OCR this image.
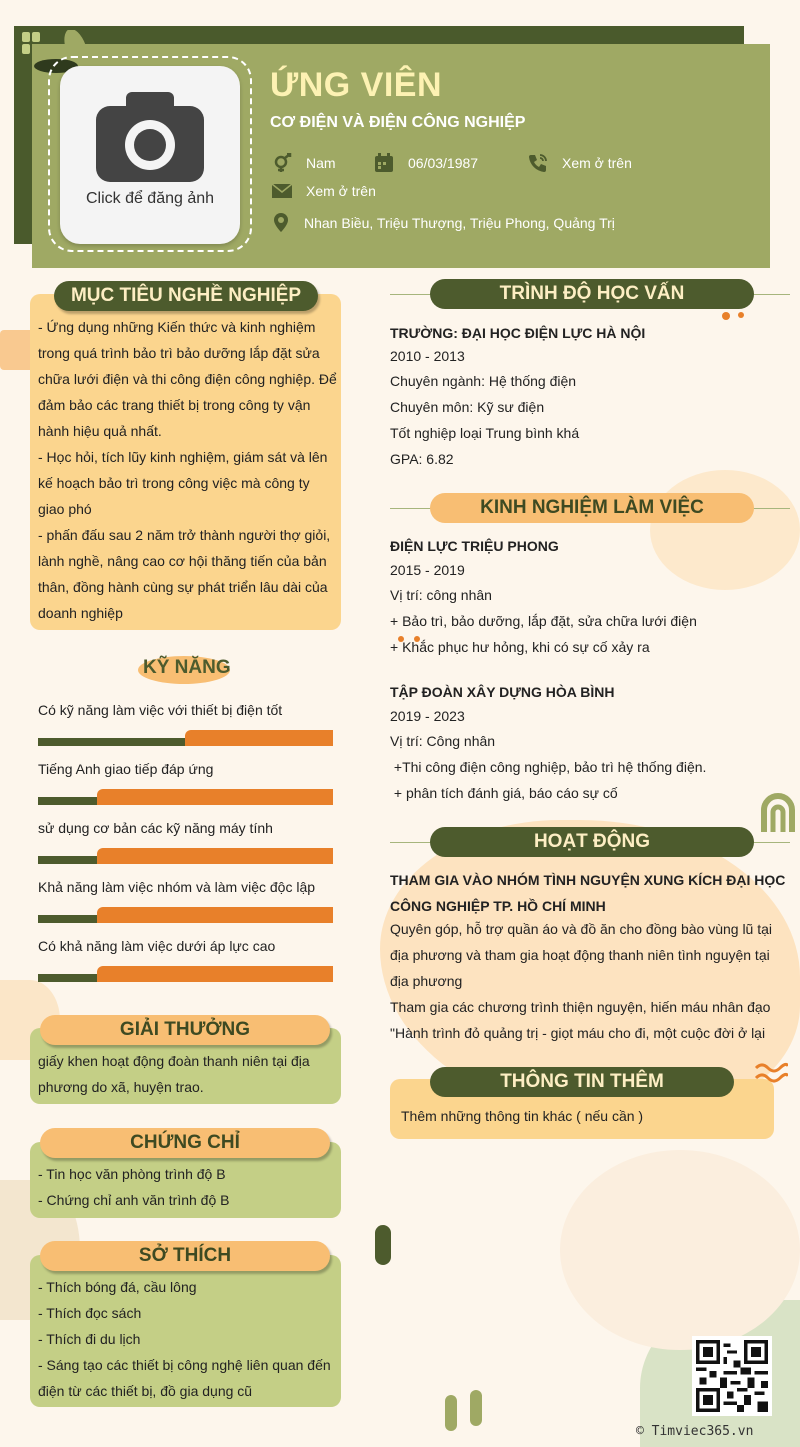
Click để đăng ảnh
ỨNG VIÊN
CƠ ĐIỆN VÀ ĐIỆN CÔNG NGHIỆP
Nam	06/03/1987	Xem ở trên
Xem ở trên
Nhan Biều, Triệu Thượng, Triệu Phong, Quảng Trị
MỤC TIÊU NGHỀ NGHIỆP
- Ứng dụng những Kiến thức và kinh nghiệm
trong quá trình bảo trì bảo dưỡng lắp đặt sửa
chữa lưới điện và thi công điện công nghiệp. Để
đảm bảo các trang thiết bị trong công ty vận
hành hiệu quả nhất.
- Học hỏi, tích lũy kinh nghiệm, giám sát và lên
kế hoạch bảo trì trong công việc mà công ty
giao phó
- phấn đấu sau 2 năm trở thành người thợ giỏi,
lành nghề, nâng cao cơ hội thăng tiến của bản
thân, đồng hành cùng sự phát triển lâu dài của
doanh nghiệp
KỸ NĂNG
Có kỹ năng làm việc với thiết bị điện tốt
Tiếng Anh giao tiếp đáp ứng
sử dụng cơ bản các kỹ năng máy tính
Khả năng làm việc nhóm và làm việc độc lập
Có khả năng làm việc dưới áp lực cao
GIẢI THƯỞNG
giấy khen hoạt động đoàn thanh niên tại địa
phương do xã, huyện trao.
CHỨNG CHỈ
- Tin học văn phòng trình độ B
- Chứng chỉ anh văn trình độ B
SỞ THÍCH
- Thích bóng đá, cầu lông
- Thích đọc sách
- Thích đi du lịch
- Sáng tạo các thiết bị công nghệ liên quan đến
điện từ các thiết bị, đồ gia dụng cũ
TRÌNH ĐỘ HỌC VẤN
TRƯỜNG: ĐẠI HỌC ĐIỆN LỰC HÀ NỘI
2010 - 2013
Chuyên ngành: Hệ thống điện
Chuyên môn: Kỹ sư điện
Tốt nghiệp loại Trung bình khá
GPA: 6.82
KINH NGHIỆM LÀM VIỆC
ĐIỆN LỰC TRIỆU PHONG
2015 - 2019
Vị trí: công nhân
+ Bảo trì, bảo dưỡng, lắp đặt, sửa chữa lưới điện
+ Khắc phục hư hỏng, khi có sự cố xảy ra
TẬP ĐOÀN XÂY DỰNG HÒA BÌNH
2019 - 2023
Vị trí: Công nhân
+Thi công điện công nghiệp, bảo trì hệ thống điện.
+ phân tích đánh giá, báo cáo sự cố
HOẠT ĐỘNG
THAM GIA VÀO NHÓM TÌNH NGUYỆN XUNG KÍCH ĐẠI HỌC
CÔNG NGHIỆP TP. HỒ CHÍ MINH
Quyên góp, hỗ trợ quần áo và đồ ăn cho đồng bào vùng lũ tại
địa phương và tham gia hoạt động thanh niên tình nguyện tại
địa phương
Tham gia các chương trình thiện nguyện, hiến máu nhân đạo
"Hành trình đỏ quảng trị - giọt máu cho đi, một cuộc đời ở lại
THÔNG TIN THÊM
Thêm những thông tin khác ( nếu cần )
© Timviec365.vn
